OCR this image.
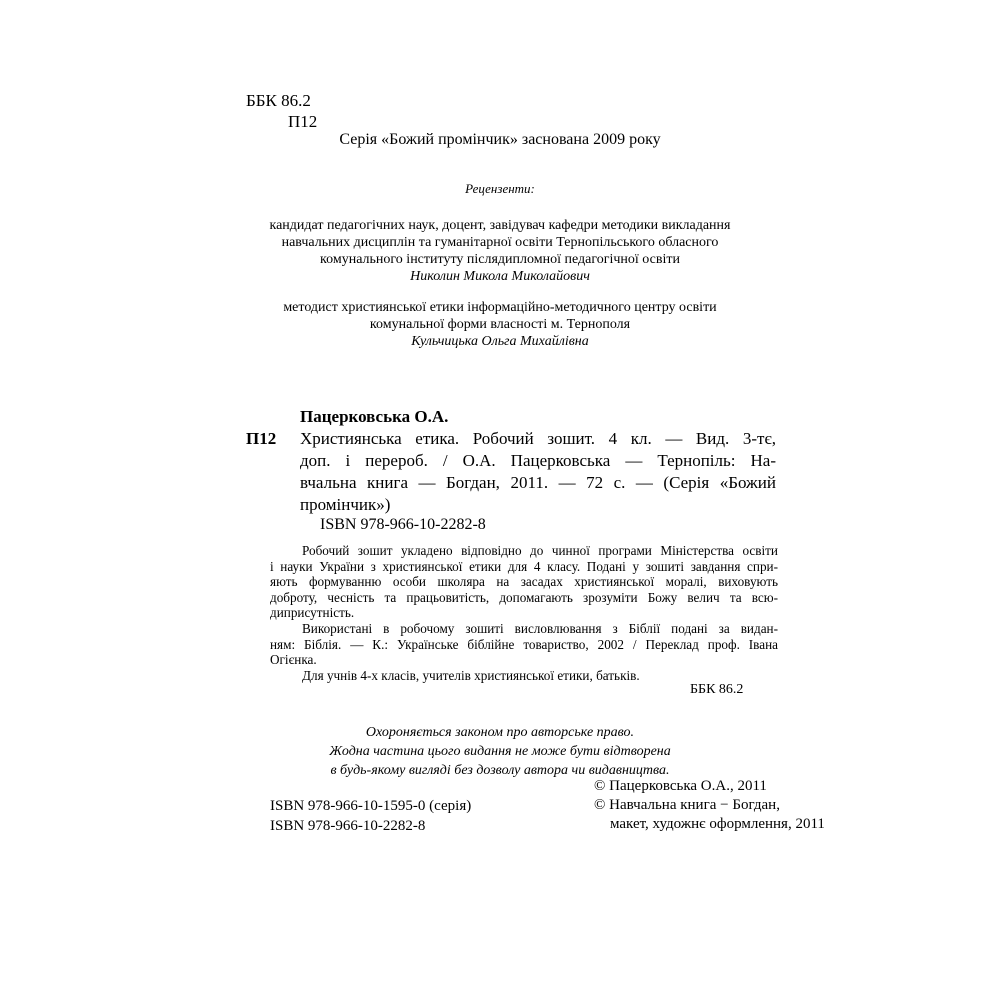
ББК 86.2
П12
Серія «Божий промінчик» заснована 2009 року
Рецензенти:
кандидат педагогічних наук, доцент, завідувач кафедри методики викладання
навчальних дисциплін та гуманітарної освіти Тернопільського обласного
комунального інституту післядипломної педагогічної освіти
Николин Микола Миколайович
методист християнської етики інформаційно-методичного центру освіти
комунальної форми власності м. Тернополя
Кульчицька Ольга Михайлівна
Пацерковська О.А.
П12 Християнська етика. Робочий зошит. 4 кл. — Вид. 3-тє,
доп. і перероб. / О.А. Пацерковська — Тернопіль: На-
вчальна книга — Богдан, 2011. — 72 с. — (Серія «Божий
промінчик»)
ISBN 978-966-10-2282-8
Робочий зошит укладено відповідно до чинної програми Міністерства освіти
і науки України з християнської етики для 4 класу. Подані у зошиті завдання спри-
яють формуванню особи школяра на засадах християнської моралі, виховують
доброту, чесність та працьовитість, допомагають зрозуміти Божу велич та всю-
диприсутність.
Використані в робочому зошиті висловлювання з Біблії подані за видан-
ням: Біблія. — К.: Українське біблійне товариство, 2002 / Переклад проф. Івана
Огієнка.
Для учнів 4-х класів, учителів християнської етики, батьків.
ББК 86.2
Охороняється законом про авторське право.
Жодна частина цього видання не може бути відтворена
в будь-якому вигляді без дозволу автора чи видавництва.
ISBN 978-966-10-1595-0 (серія)
ISBN 978-966-10-2282-8
© Пацерковська О.А., 2011
© Навчальна книга − Богдан,
макет, художнє оформлення, 2011
